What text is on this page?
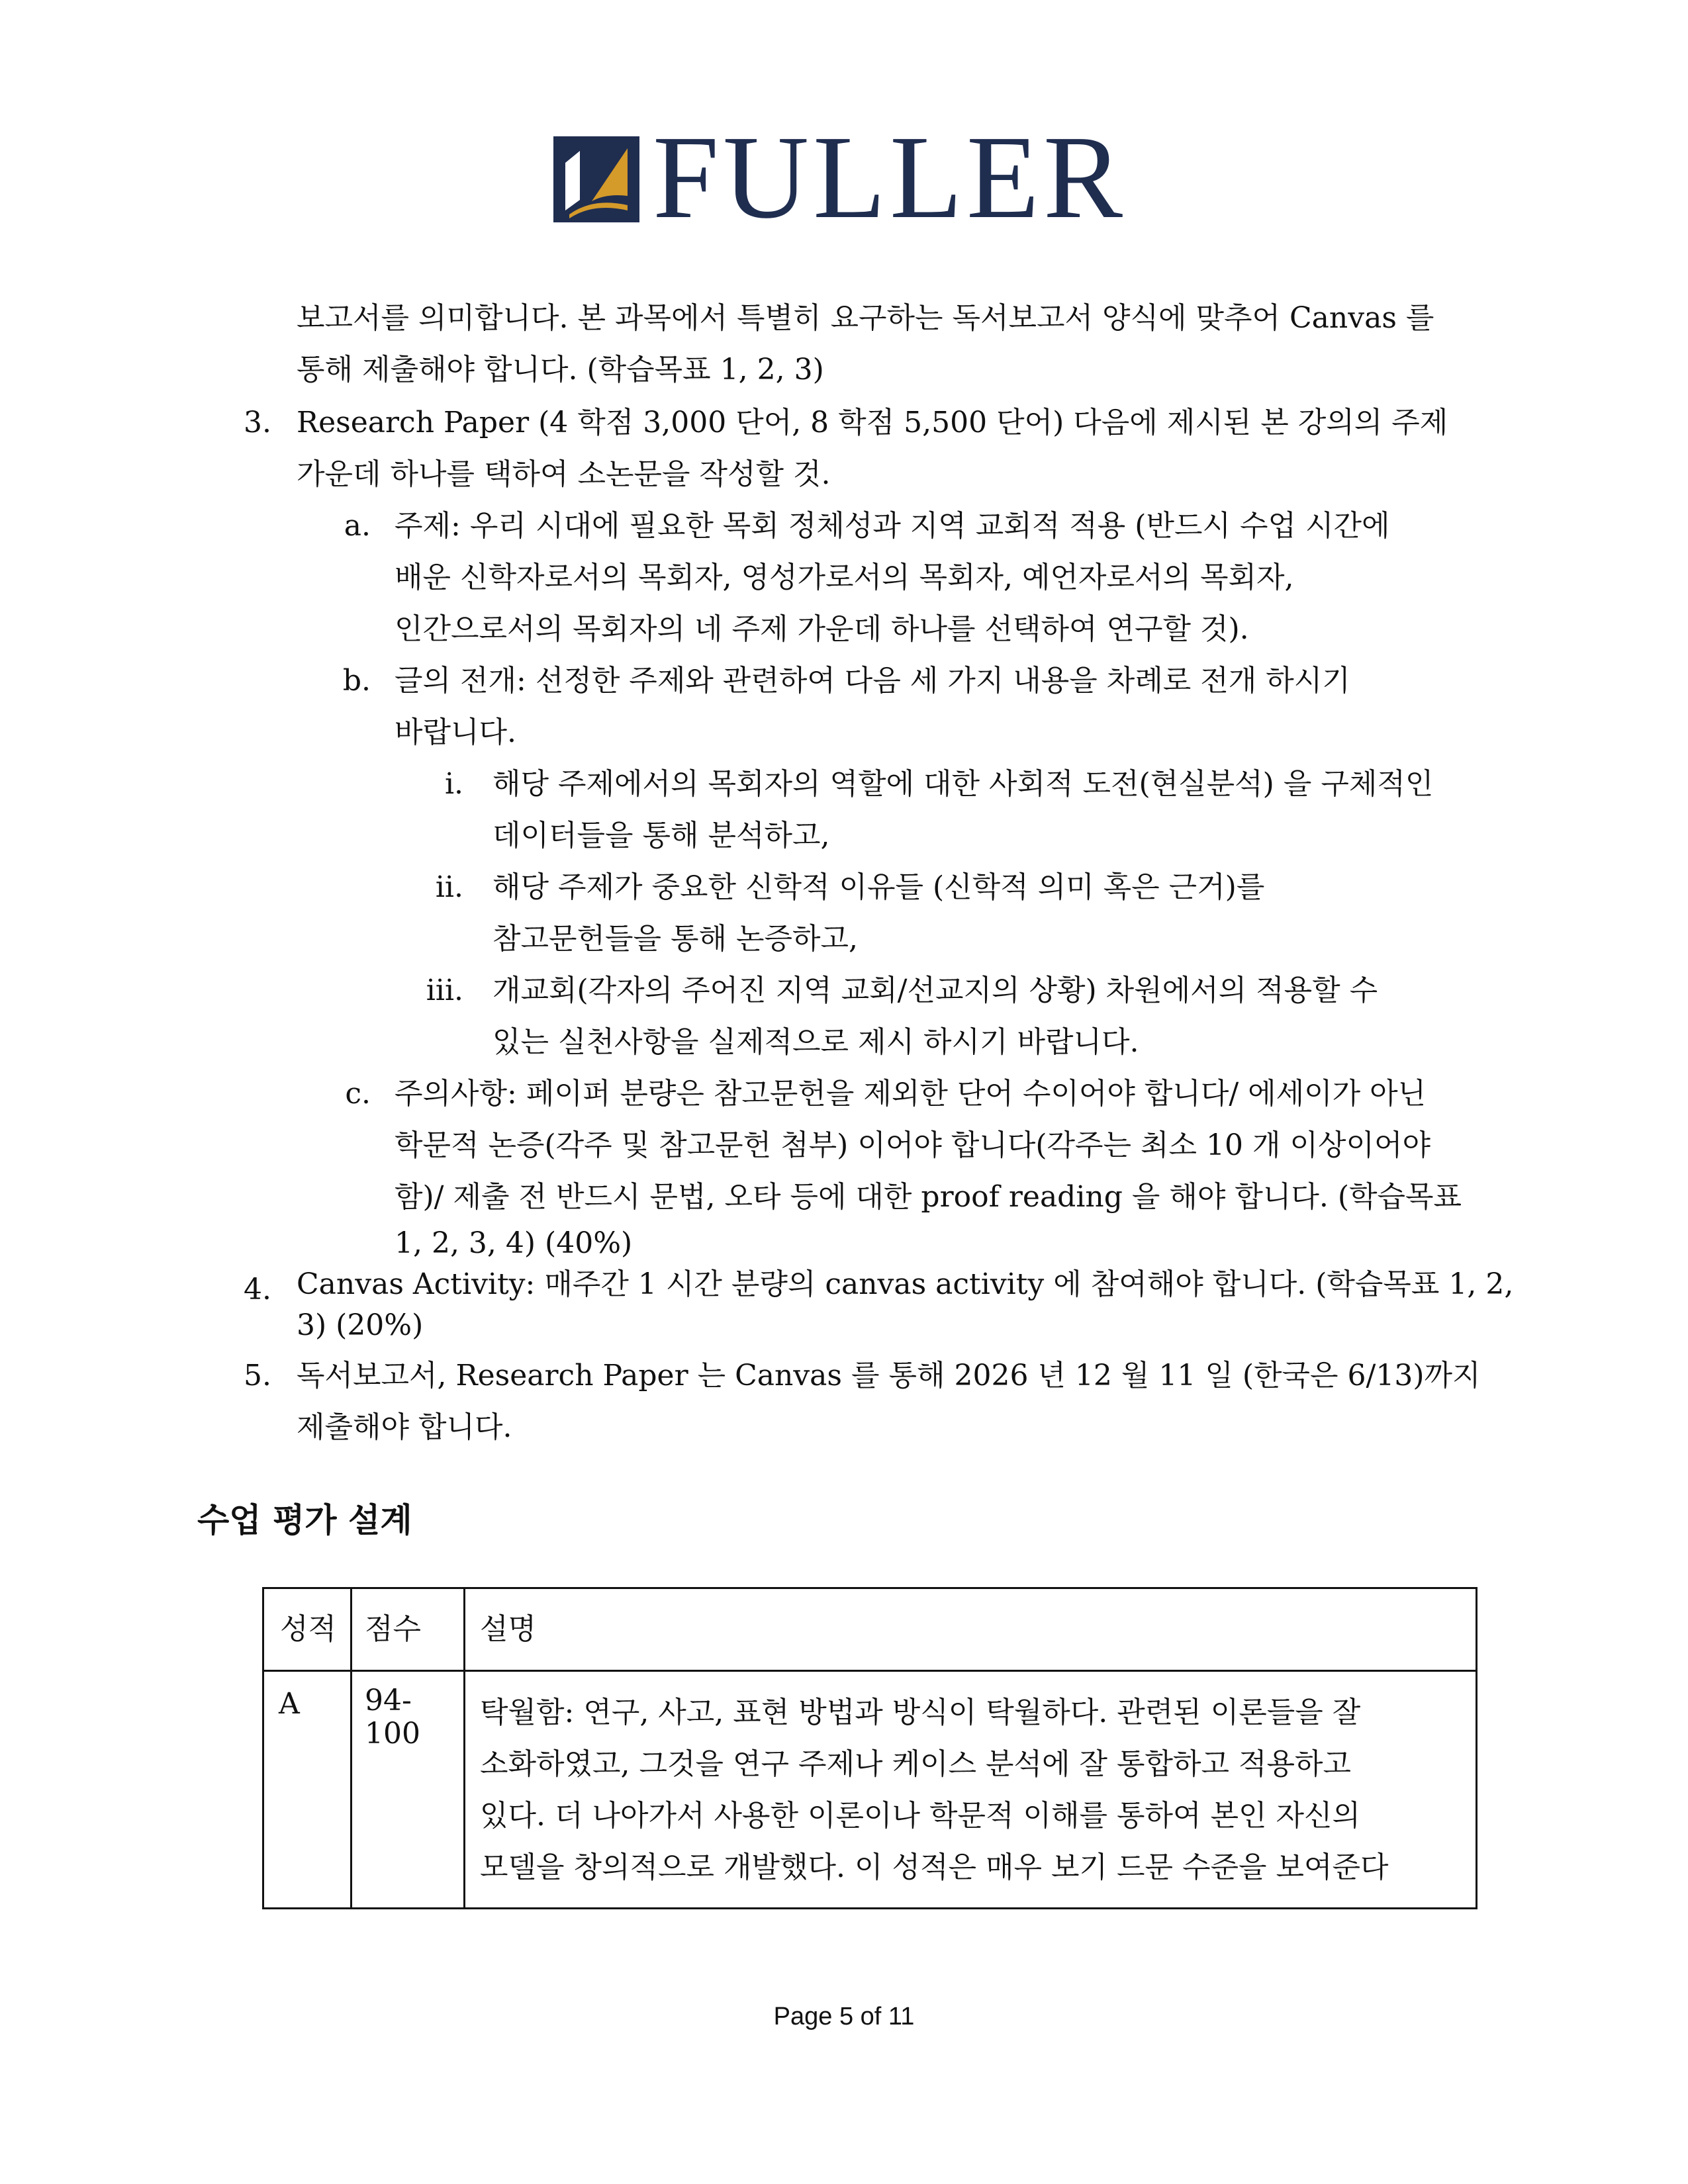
FULLER
보고서를 의미합니다. 본 과목에서 특별히 요구하는 독서보고서 양식에 맞추어 Canvas 를
통해 제출해야 합니다. (학습목표 1, 2, 3)
3. Research Paper (4 학점 3,000 단어, 8 학점 5,500 단어) 다음에 제시된 본 강의의 주제
가운데 하나를 택하여 소논문을 작성할 것.
a. 주제: 우리 시대에 필요한 목회 정체성과 지역 교회적 적용 (반드시 수업 시간에
배운 신학자로서의 목회자, 영성가로서의 목회자, 예언자로서의 목회자,
인간으로서의 목회자의 네 주제 가운데 하나를 선택하여 연구할 것).
b. 글의 전개: 선정한 주제와 관련하여 다음 세 가지 내용을 차례로 전개 하시기
바랍니다.
i. 해당 주제에서의 목회자의 역할에 대한 사회적 도전(현실분석) 을 구체적인
데이터들을 통해 분석하고,
ii. 해당 주제가 중요한 신학적 이유들 (신학적 의미 혹은 근거)를
참고문헌들을 통해 논증하고,
iii. 개교회(각자의 주어진 지역 교회/선교지의 상황) 차원에서의 적용할 수
있는 실천사항을 실제적으로 제시 하시기 바랍니다.
c. 주의사항: 페이퍼 분량은 참고문헌을 제외한 단어 수이어야 합니다/ 에세이가 아닌
학문적 논증(각주 및 참고문헌 첨부) 이어야 합니다(각주는 최소 10 개 이상이어야
함)/ 제출 전 반드시 문법, 오타 등에 대한 proof reading 을 해야 합니다. (학습목표
1, 2, 3, 4) (40%)
4. Canvas Activity: 매주간 1 시간 분량의 canvas activity 에 참여해야 합니다. (학습목표 1, 2,
3) (20%)
5. 독서보고서, Research Paper 는 Canvas 를 통해 2026 년 12 월 11 일 (한국은 6/13)까지
제출해야 합니다.
수업 평가 설계
성적 점수 설명
A 94-
100
탁월함: 연구, 사고, 표현 방법과 방식이 탁월하다. 관련된 이론들을 잘
소화하였고, 그것을 연구 주제나 케이스 분석에 잘 통합하고 적용하고
있다. 더 나아가서 사용한 이론이나 학문적 이해를 통하여 본인 자신의
모델을 창의적으로 개발했다. 이 성적은 매우 보기 드문 수준을 보여준다
Page 5 of 11
